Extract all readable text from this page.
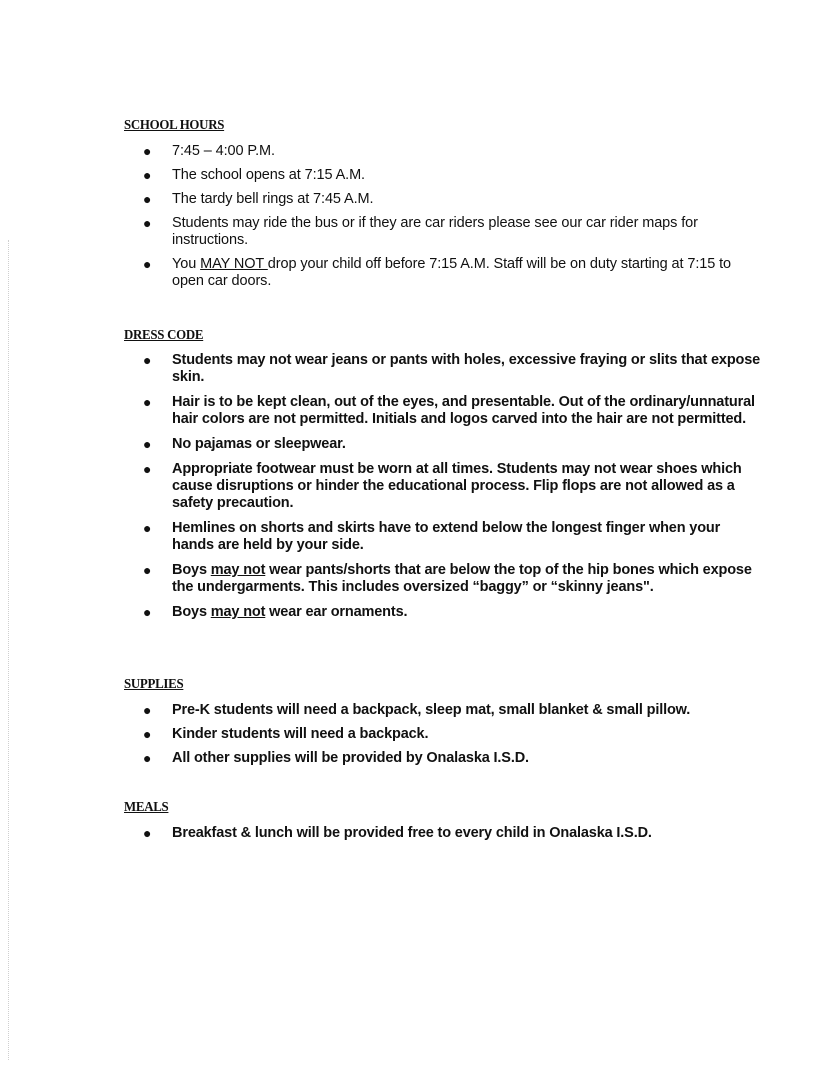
SCHOOL HOURS
● 7:45 – 4:00 P.M.
● The school opens at 7:15 A.M.
● The tardy bell rings at 7:45 A.M.
● Students may ride the bus or if they are car riders please see our car rider maps for instructions.
● You MAY NOT drop your child off before 7:15 A.M. Staff will be on duty starting at 7:15 to open car doors.
DRESS CODE
● Students may not wear jeans or pants with holes, excessive fraying or slits that expose skin.
● Hair is to be kept clean, out of the eyes, and presentable. Out of the ordinary/unnatural hair colors are not permitted. Initials and logos carved into the hair are not permitted.
● No pajamas or sleepwear.
● Appropriate footwear must be worn at all times. Students may not wear shoes which cause disruptions or hinder the educational process. Flip flops are not allowed as a safety precaution.
● Hemlines on shorts and skirts have to extend below the longest finger when your hands are held by your side.
● Boys may not wear pants/shorts that are below the top of the hip bones which expose the undergarments. This includes oversized “baggy” or “skinny jeans".
● Boys may not wear ear ornaments.
SUPPLIES
● Pre-K students will need a backpack, sleep mat, small blanket & small pillow.
● Kinder students will need a backpack.
● All other supplies will be provided by Onalaska I.S.D.
MEALS
● Breakfast & lunch will be provided free to every child in Onalaska I.S.D.
